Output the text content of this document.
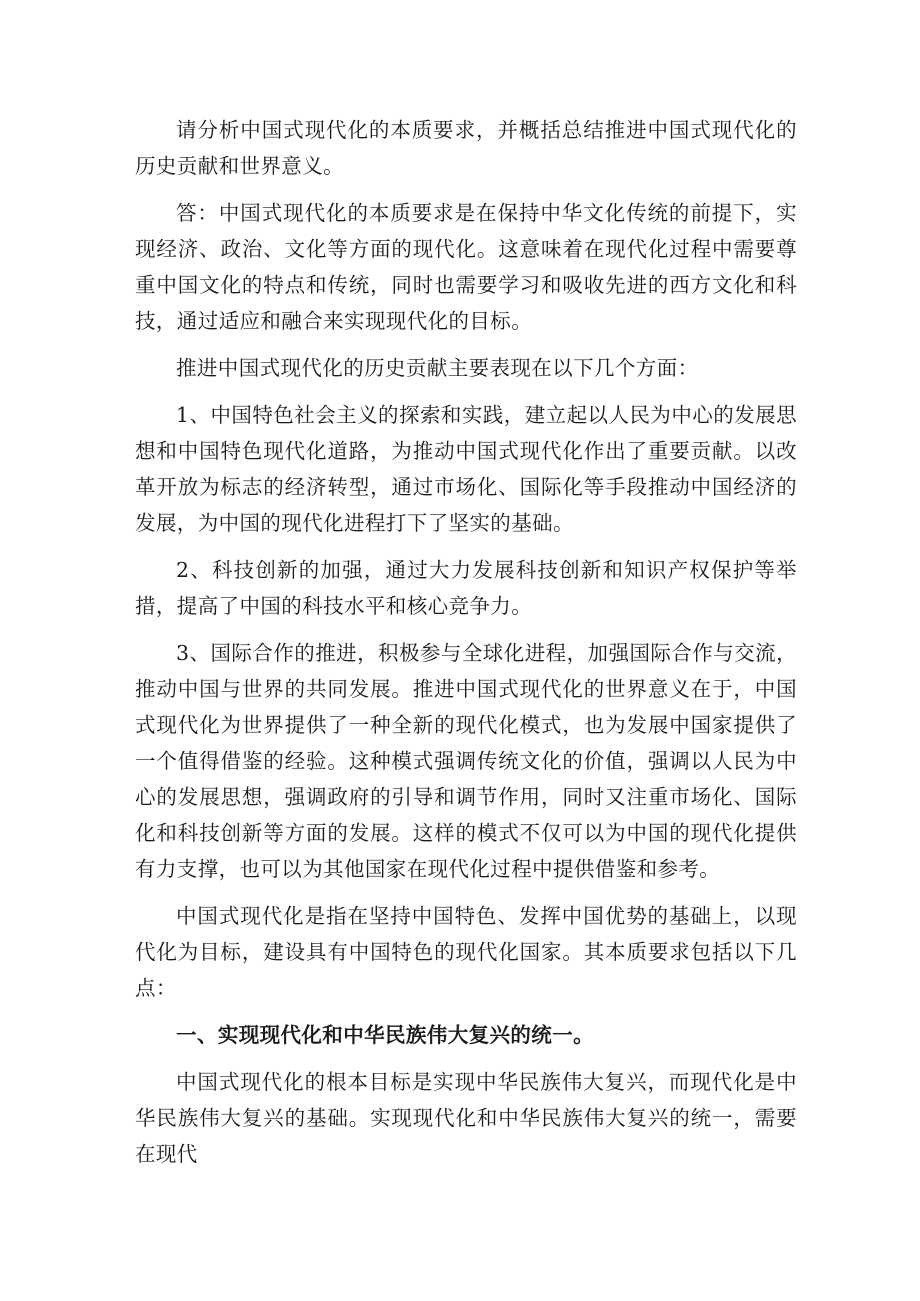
请分析中国式现代化的本质要求，并概括总结推进中国式现代化的历史贡献和世界意义。

答：中国式现代化的本质要求是在保持中华文化传统的前提下，实现经济、政治、文化等方面的现代化。这意味着在现代化过程中需要尊重中国文化的特点和传统，同时也需要学习和吸收先进的西方文化和科技，通过适应和融合来实现现代化的目标。

推进中国式现代化的历史贡献主要表现在以下几个方面：

1、中国特色社会主义的探索和实践，建立起以人民为中心的发展思想和中国特色现代化道路，为推动中国式现代化作出了重要贡献。以改革开放为标志的经济转型，通过市场化、国际化等手段推动中国经济的发展，为中国的现代化进程打下了坚实的基础。

2、科技创新的加强，通过大力发展科技创新和知识产权保护等举措，提高了中国的科技水平和核心竞争力。

3、国际合作的推进，积极参与全球化进程，加强国际合作与交流，推动中国与世界的共同发展。推进中国式现代化的世界意义在于，中国式现代化为世界提供了一种全新的现代化模式，也为发展中国家提供了一个值得借鉴的经验。这种模式强调传统文化的价值，强调以人民为中心的发展思想，强调政府的引导和调节作用，同时又注重市场化、国际化和科技创新等方面的发展。这样的模式不仅可以为中国的现代化提供有力支撑，也可以为其他国家在现代化过程中提供借鉴和参考。

中国式现代化是指在坚持中国特色、发挥中国优势的基础上，以现代化为目标，建设具有中国特色的现代化国家。其本质要求包括以下几点：

一、实现现代化和中华民族伟大复兴的统一。

中国式现代化的根本目标是实现中华民族伟大复兴，而现代化是中华民族伟大复兴的基础。实现现代化和中华民族伟大复兴的统一，需要在现代
